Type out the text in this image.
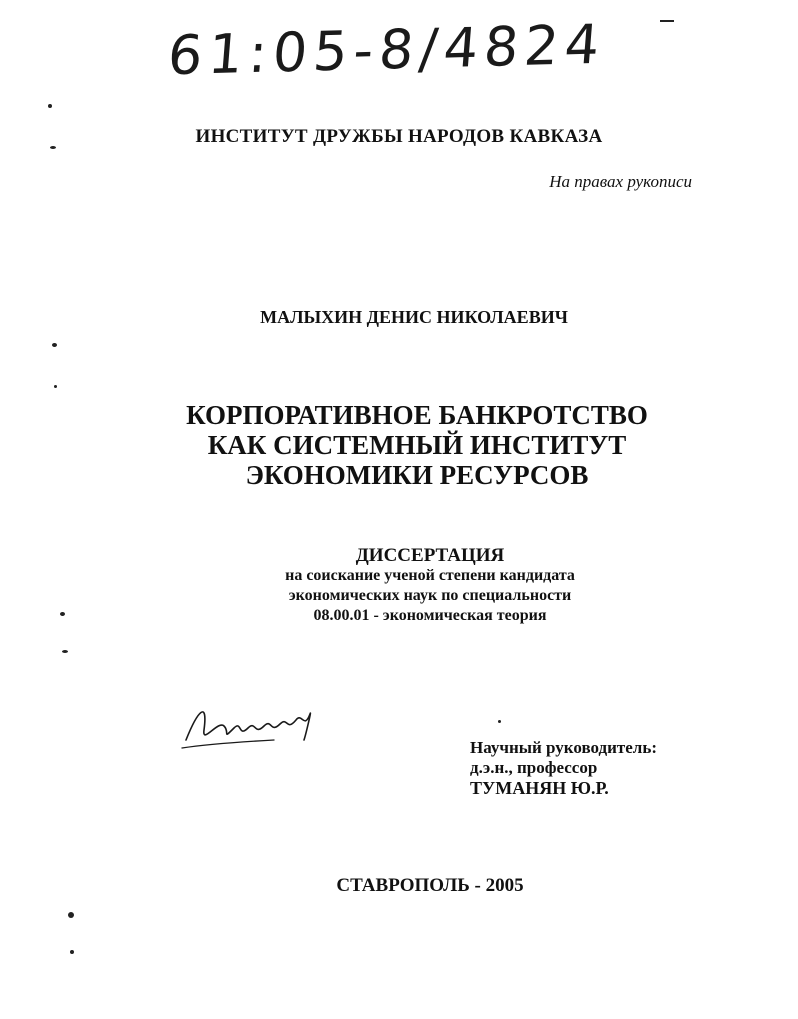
61:05-8/4824
ИНСТИТУТ ДРУЖБЫ НАРОДОВ КАВКАЗА
На правах рукописи
МАЛЫХИН ДЕНИС НИКОЛАЕВИЧ
КОРПОРАТИВНОЕ БАНКРОТСТВО
КАК СИСТЕМНЫЙ ИНСТИТУТ
ЭКОНОМИКИ РЕСУРСОВ
ДИССЕРТАЦИЯ
на соискание ученой степени кандидата
экономических наук по специальности
08.00.01 - экономическая теория
Научный руководитель:
д.э.н., профессор
ТУМАНЯН Ю.Р.
СТАВРОПОЛЬ - 2005
